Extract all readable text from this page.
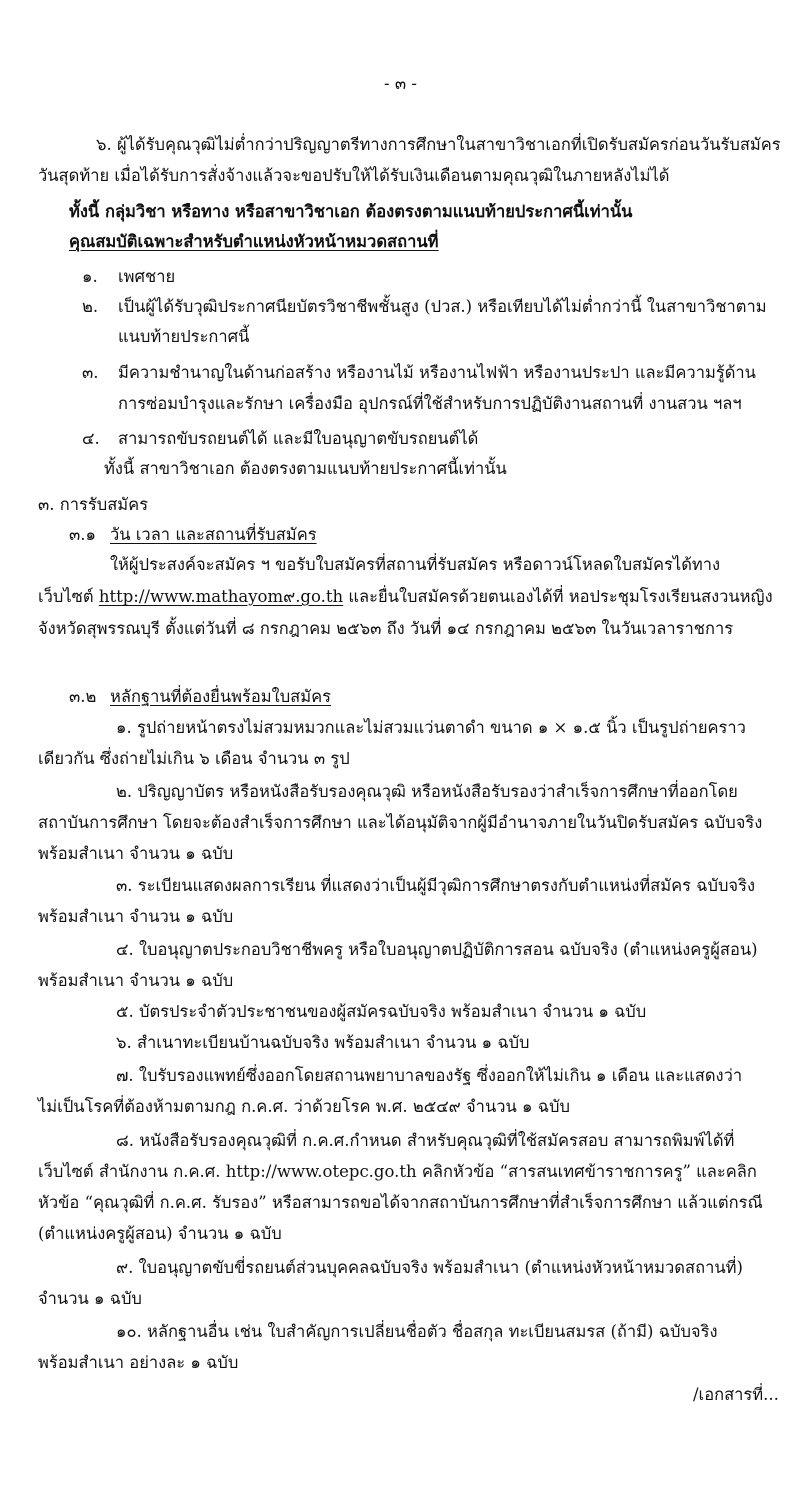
- ๓ -
๖. ผู้ได้รับคุณวุฒิไม่ต่ำกว่าปริญญาตรีทางการศึกษาในสาขาวิชาเอกที่เปิดรับสมัครก่อนวันรับสมัคร
วันสุดท้าย เมื่อได้รับการสั่งจ้างแล้วจะขอปรับให้ได้รับเงินเดือนตามคุณวุฒิในภายหลังไม่ได้
ทั้งนี้ กลุ่มวิชา หรือทาง หรือสาขาวิชาเอก ต้องตรงตามแนบท้ายประกาศนี้เท่านั้น
คุณสมบัติเฉพาะสำหรับตำแหน่งหัวหน้าหมวดสถานที่
๑. เพศชาย
๒. เป็นผู้ได้รับวุฒิประกาศนียบัตรวิชาชีพชั้นสูง (ปวส.) หรือเทียบได้ไม่ต่ำกว่านี้ ในสาขาวิชาตาม
แนบท้ายประกาศนี้
๓. มีความชำนาญในด้านก่อสร้าง หรืองานไม้ หรืองานไฟฟ้า หรืองานประปา และมีความรู้ด้าน
การซ่อมบำรุงและรักษา เครื่องมือ อุปกรณ์ที่ใช้สำหรับการปฏิบัติงานสถานที่ งานสวน ฯลฯ
๔. สามารถขับรถยนต์ได้ และมีใบอนุญาตขับรถยนต์ได้
ทั้งนี้ สาขาวิชาเอก ต้องตรงตามแนบท้ายประกาศนี้เท่านั้น
๓. การรับสมัคร
๓.๑ วัน เวลา และสถานที่รับสมัคร
ให้ผู้ประสงค์จะสมัคร ฯ ขอรับใบสมัครที่สถานที่รับสมัคร หรือดาวน์โหลดใบสมัครได้ทาง
เว็บไซต์ http://www.mathayom๙.go.th และยื่นใบสมัครด้วยตนเองได้ที่ หอประชุมโรงเรียนสงวนหญิง
จังหวัดสุพรรณบุรี ตั้งแต่วันที่ ๘ กรกฎาคม ๒๕๖๓ ถึง วันที่ ๑๔ กรกฎาคม ๒๕๖๓ ในวันเวลาราชการ
๓.๒ หลักฐานที่ต้องยื่นพร้อมใบสมัคร
๑. รูปถ่ายหน้าตรงไม่สวมหมวกและไม่สวมแว่นตาดำ ขนาด ๑ × ๑.๕ นิ้ว เป็นรูปถ่ายคราว
เดียวกัน ซึ่งถ่ายไม่เกิน ๖ เดือน จำนวน ๓ รูป
๒. ปริญญาบัตร หรือหนังสือรับรองคุณวุฒิ หรือหนังสือรับรองว่าสำเร็จการศึกษาที่ออกโดย
สถาบันการศึกษา โดยจะต้องสำเร็จการศึกษา และได้อนุมัติจากผู้มีอำนาจภายในวันปิดรับสมัคร ฉบับจริง
พร้อมสำเนา จำนวน ๑ ฉบับ
๓. ระเบียนแสดงผลการเรียน ที่แสดงว่าเป็นผู้มีวุฒิการศึกษาตรงกับตำแหน่งที่สมัคร ฉบับจริง
พร้อมสำเนา จำนวน ๑ ฉบับ
๔. ใบอนุญาตประกอบวิชาชีพครู หรือใบอนุญาตปฏิบัติการสอน ฉบับจริง (ตำแหน่งครูผู้สอน)
พร้อมสำเนา จำนวน ๑ ฉบับ
๕. บัตรประจำตัวประชาชนของผู้สมัครฉบับจริง พร้อมสำเนา จำนวน ๑ ฉบับ
๖. สำเนาทะเบียนบ้านฉบับจริง พร้อมสำเนา จำนวน ๑ ฉบับ
๗. ใบรับรองแพทย์ซึ่งออกโดยสถานพยาบาลของรัฐ ซึ่งออกให้ไม่เกิน ๑ เดือน และแสดงว่า
ไม่เป็นโรคที่ต้องห้ามตามกฎ ก.ค.ศ. ว่าด้วยโรค พ.ศ. ๒๕๔๙ จำนวน ๑ ฉบับ
๘. หนังสือรับรองคุณวุฒิที่ ก.ค.ศ.กำหนด สำหรับคุณวุฒิที่ใช้สมัครสอบ สามารถพิมพ์ได้ที่
เว็บไซต์ สำนักงาน ก.ค.ศ. http://www.otepc.go.th คลิกหัวข้อ “สารสนเทศข้าราชการครู” และคลิก
หัวข้อ “คุณวุฒิที่ ก.ค.ศ. รับรอง” หรือสามารถขอได้จากสถาบันการศึกษาที่สำเร็จการศึกษา แล้วแต่กรณี
(ตำแหน่งครูผู้สอน) จำนวน ๑ ฉบับ
๙. ใบอนุญาตขับขี่รถยนต์ส่วนบุคคลฉบับจริง พร้อมสำเนา (ตำแหน่งหัวหน้าหมวดสถานที่)
จำนวน ๑ ฉบับ
๑๐. หลักฐานอื่น เช่น ใบสำคัญการเปลี่ยนชื่อตัว ชื่อสกุล ทะเบียนสมรส (ถ้ามี) ฉบับจริง
พร้อมสำเนา อย่างละ ๑ ฉบับ
/เอกสารที่...
